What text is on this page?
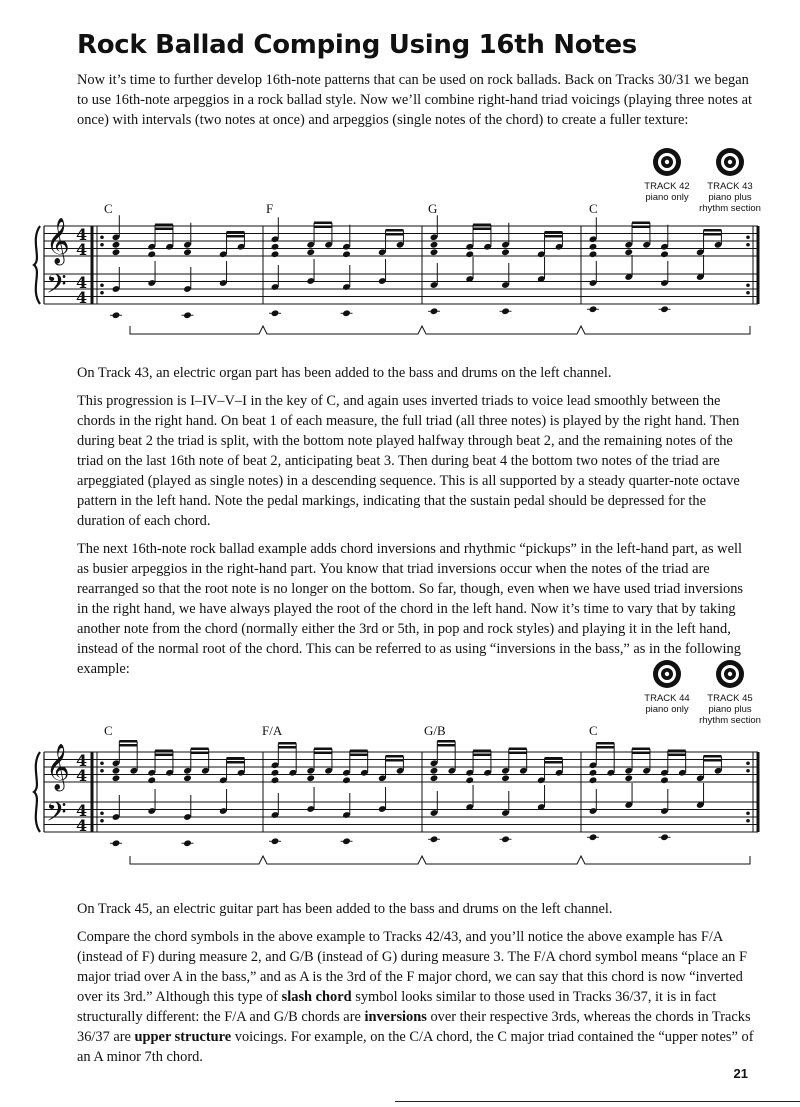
Rock Ballad Comping Using 16th Notes

Now it’s time to further develop 16th-note patterns that can be used on rock ballads. Back on Tracks 30/31 we began to use 16th-note arpeggios in a rock ballad style. Now we’ll combine right-hand triad voicings (playing three notes at once) with intervals (two notes at once) and arpeggios (single notes of the chord) to create a fuller texture:

TRACK 42
piano only
TRACK 43
piano plus rhythm section
C	F	G	C
𝄞
𝄢
4
4
4
4

On Track 43, an electric organ part has been added to the bass and drums on the left channel.

This progression is I–IV–V–I in the key of C, and again uses inverted triads to voice lead smoothly between the chords in the right hand. On beat 1 of each measure, the full triad (all three notes) is played by the right hand. Then during beat 2 the triad is split, with the bottom note played halfway through beat 2, and the remaining notes of the triad on the last 16th note of beat 2, anticipating beat 3. Then during beat 4 the bottom two notes of the triad are arpeggiated (played as single notes) in a descending sequence. This is all supported by a steady quarter-note octave pattern in the left hand. Note the pedal markings, indicating that the sustain pedal should be depressed for the duration of each chord.

The next 16th-note rock ballad example adds chord inversions and rhythmic “pickups” in the left-hand part, as well as busier arpeggios in the right-hand part. You know that triad inversions occur when the notes of the triad are rearranged so that the root note is no longer on the bottom. So far, though, even when we have used triad inversions in the right hand, we have always played the root of the chord in the left hand. Now it’s time to vary that by taking another note from the chord (normally either the 3rd or 5th, in pop and rock styles) and playing it in the left hand, instead of the normal root of the chord. This can be referred to as using “inversions in the bass,” as in the following example:

TRACK 44
piano only
TRACK 45
piano plus rhythm section
C	F/A	G/B	C
𝄞
𝄢
4
4
4
4

On Track 45, an electric guitar part has been added to the bass and drums on the left channel.

Compare the chord symbols in the above example to Tracks 42/43, and you’ll notice the above example has F/A (instead of F) during measure 2, and G/B (instead of G) during measure 3. The F/A chord symbol means “place an F major triad over A in the bass,” and as A is the 3rd of the F major chord, we can say that this chord is now “inverted over its 3rd.” Although this type of slash chord symbol looks similar to those used in Tracks 36/37, it is in fact structurally different: the F/A and G/B chords are inversions over their respective 3rds, whereas the chords in Tracks 36/37 are upper structure voicings. For example, on the C/A chord, the C major triad contained the “upper notes” of an A minor 7th chord.

21
